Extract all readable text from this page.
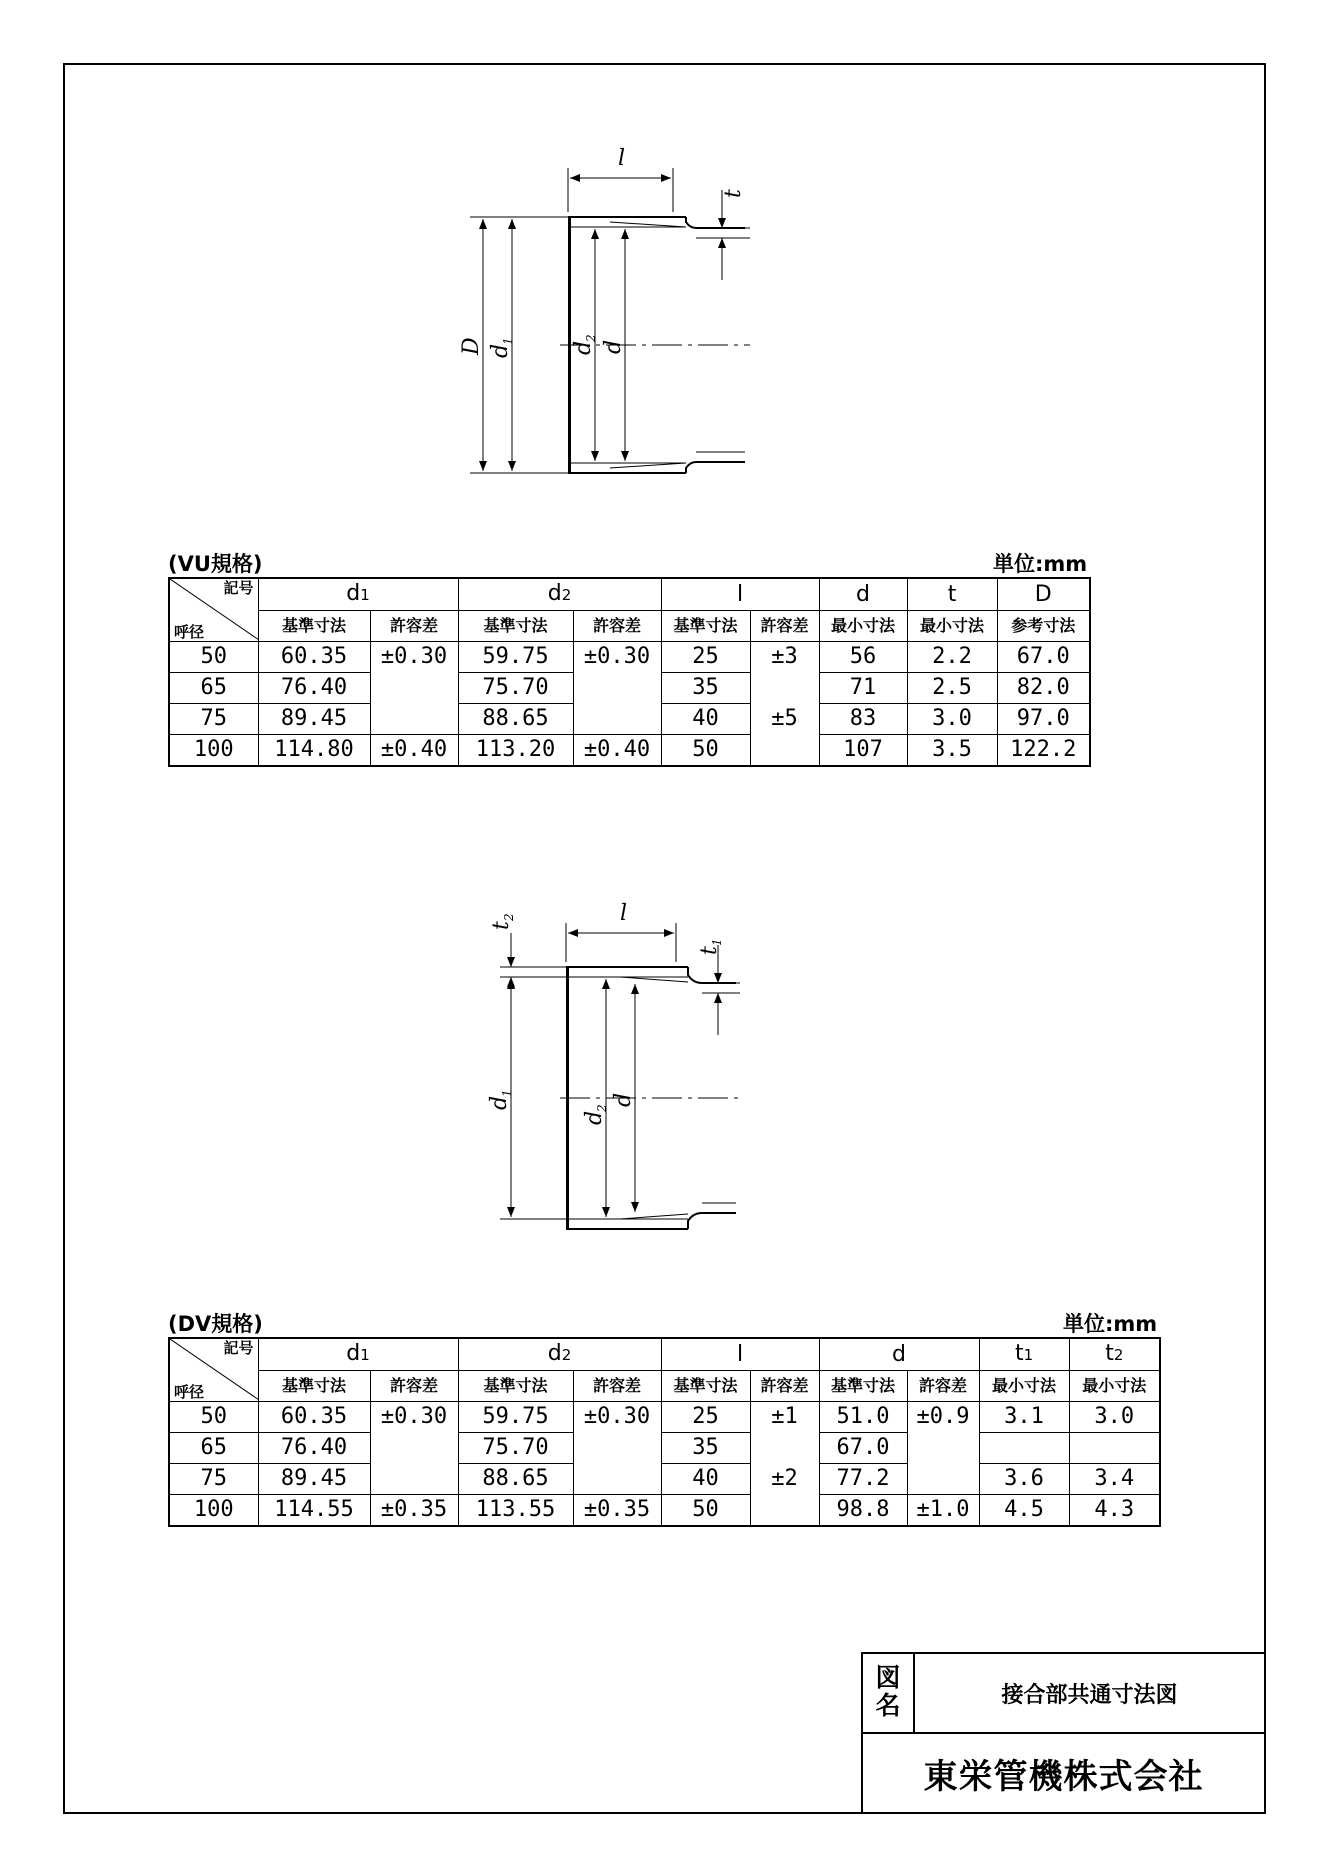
l
t
D d
1	d
2
d
(VU規格)	単位:mm
記号
呼径	d1		d2		l		d	t	D
	基準寸法	許容差	基準寸法	許容差	基準寸法	許容差	最小寸法	最小寸法	参考寸法
50	60.35	±0.30	59.75	±0.30	25	±3	56	2.2	67.0
65	76.40		75.70		35		71	2.5	82.0
75	89.45		88.65		40	±5	83	3.0	97.0
100	114.80	±0.40	113.20	±0.40	50		107	3.5	122.2
l
t
2
t
1
d
1
d
2
d
(DV規格)	単位:mm
記号
呼径	d1		d2		l		d		t1	t2
	基準寸法	許容差	基準寸法	許容差	基準寸法	許容差	基準寸法	許容差	最小寸法	最小寸法
50	60.35	±0.30	59.75	±0.30	25	±1	51.0	±0.9	3.1	3.0
65	76.40		75.70		35		67.0			
75	89.45		88.65		40	±2	77.2		3.6	3.4
100	114.55	±0.35	113.55	±0.35	50		98.8	±1.0	4.5	4.3
図
名	接合部共通寸法図
東栄管機株式会社
